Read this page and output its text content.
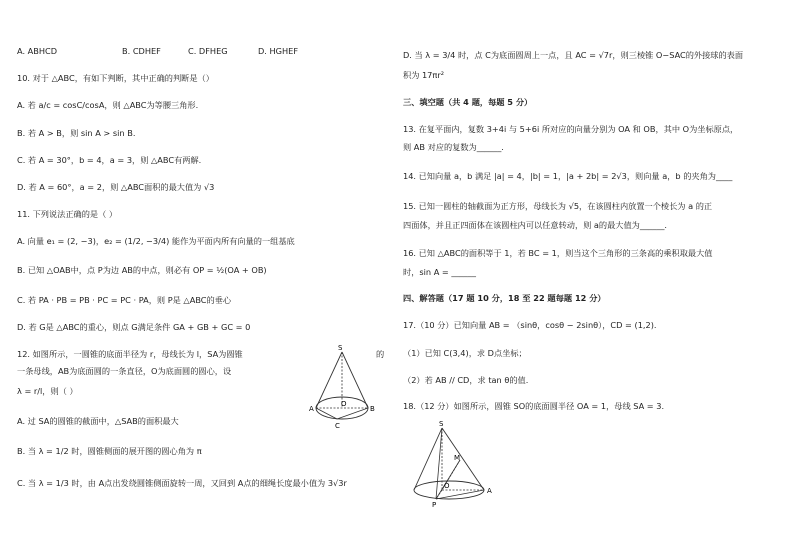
A. ABHCD	B. CDHEF	C. DFHEG	D. HGHEF
10. 对于 △ABC，有如下判断，其中正确的判断是（）
A. 若 a/c = cosC/cosA，则 △ABC为等腰三角形.
B. 若 A > B，则 sin A > sin B.
C. 若 A = 30°，b = 4，a = 3，则 △ABC有两解.
D. 若 A = 60°，a = 2，则 △ABC面积的最大值为 √3
11. 下列说法正确的是（ ）
A. 向量 e₁ = (2, −3)，e₂ = (1/2, −3/4) 能作为平面内所有向量的一组基底
B. 已知 △OAB中，点 P为边 AB的中点，则必有 OP = ½(OA + OB)
C. 若 PA · PB = PB · PC = PC · PA，则 P是 △ABC的垂心
D. 若 G是 △ABC的重心，则点 G满足条件 GA + GB + GC = 0
12. 如图所示，一圆锥的底面半径为 r，母线长为 l，SA为圆锥	的
一条母线，AB为底面圆的一条直径，O为底面圆的圆心，设
λ = r/l，则（ ）
A. 过 SA的圆锥的截面中，△SAB的面积最大
B. 当 λ = 1/2 时，圆锥侧面的展开图的圆心角为 π
C. 当 λ = 1/3 时，由 A点出发绕圆锥侧面旋转一周，又回到 A点的细绳长度最小值为 3√3r
S
A	B
O
C
D. 当 λ = 3/4 时，点 C为底面圆周上一点，且 AC = √7r，则三棱锥 O−SAC的外接球的表面
积为 17πr²
三、填空题（共 4 题，每题 5 分）
13. 在复平面内，复数 3+4i 与 5+6i 所对应的向量分别为 OA 和 OB，其中 O为坐标原点，
则 AB 对应的复数为______.
14. 已知向量 a，b 满足 |a| = 4，|b| = 1，|a + 2b| = 2√3，则向量 a，b 的夹角为____
15. 已知一圆柱的轴截面为正方形，母线长为 √5，在该圆柱内放置一个棱长为 a 的正
四面体，并且正四面体在该圆柱内可以任意转动，则 a的最大值为______.
16. 已知 △ABC的面积等于 1，若 BC = 1，则当这个三角形的三条高的乘积取最大值
时，sin A = ______
四、解答题（17 题 10 分，18 至 22 题每题 12 分）
17.（10 分）已知向量 AB = （sinθ，cosθ − 2sinθ），CD = (1,2).
（1）已知 C(3,4)，求 D点坐标；
（2）若 AB // CD，求 tan θ的值.
18.（12 分）如图所示，圆锥 SO的底面圆半径 OA = 1，母线 SA = 3.
S
M
O
A
P
